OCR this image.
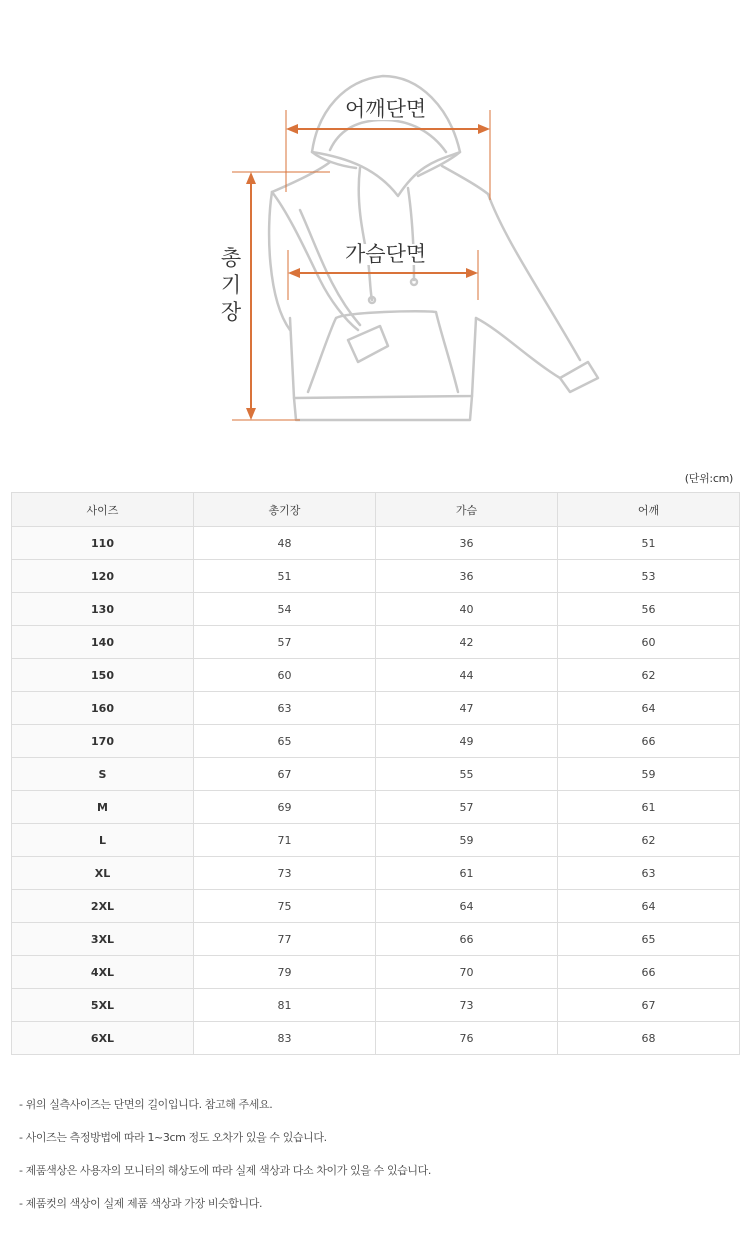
어깨단면
가슴단면
총
기
장
(단위:cm)
사이즈	총기장	가슴	어깨
110	48	36	51
120	51	36	53
130	54	40	56
140	57	42	60
150	60	44	62
160	63	47	64
170	65	49	66
S	67	55	59
M	69	57	61
L	71	59	62
XL	73	61	63
2XL	75	64	64
3XL	77	66	65
4XL	79	70	66
5XL	81	73	67
6XL	83	76	68

- 위의 실측사이즈는 단면의 길이입니다. 참고해 주세요.

- 사이즈는 측정방법에 따라 1~3cm 정도 오차가 있을 수 있습니다.

- 제품색상은 사용자의 모니터의 해상도에 따라 실제 색상과 다소 차이가 있을 수 있습니다.

- 제품컷의 색상이 실제 제품 색상과 가장 비슷합니다.
